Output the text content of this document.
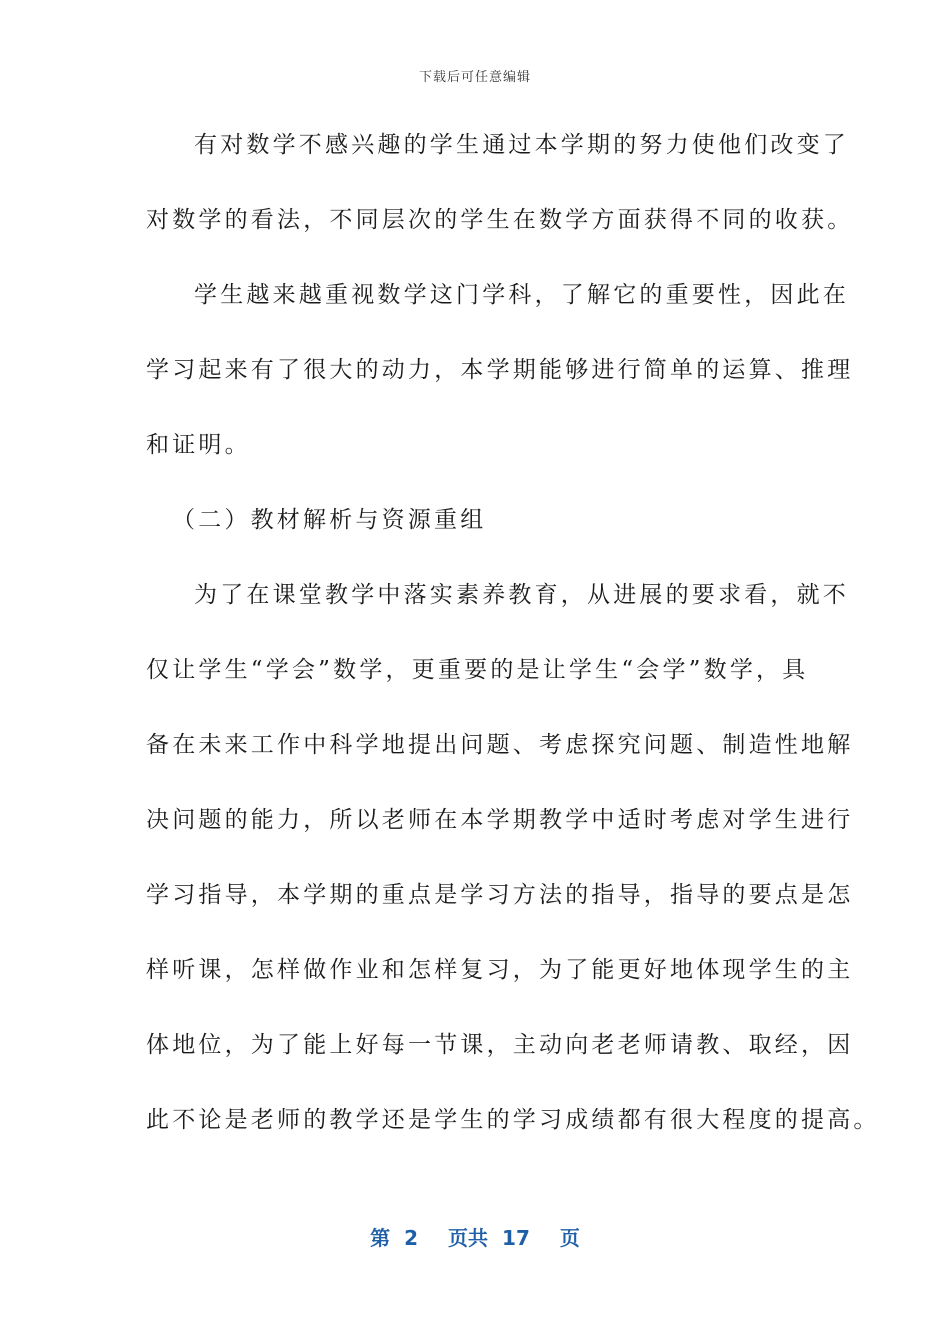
下载后可任意编辑
有对数学不感兴趣的学生通过本学期的努力使他们改变了
对数学的看法，不同层次的学生在数学方面获得不同的收获。
学生越来越重视数学这门学科，了解它的重要性，因此在
学习起来有了很大的动力，本学期能够进行简单的运算、推理
和证明。
（二）教材解析与资源重组
为了在课堂教学中落实素养教育，从进展的要求看，就不
仅让学生“学会”数学，更重要的是让学生“会学”数学，具
备在未来工作中科学地提出问题、考虑探究问题、制造性地解
决问题的能力，所以老师在本学期教学中适时考虑对学生进行
学习指导，本学期的重点是学习方法的指导，指导的要点是怎
样听课，怎样做作业和怎样复习，为了能更好地体现学生的主
体地位，为了能上好每一节课，主动向老老师请教、取经，因
此不论是老师的教学还是学生的学习成绩都有很大程度的提高。
第 2 页共 17 页
